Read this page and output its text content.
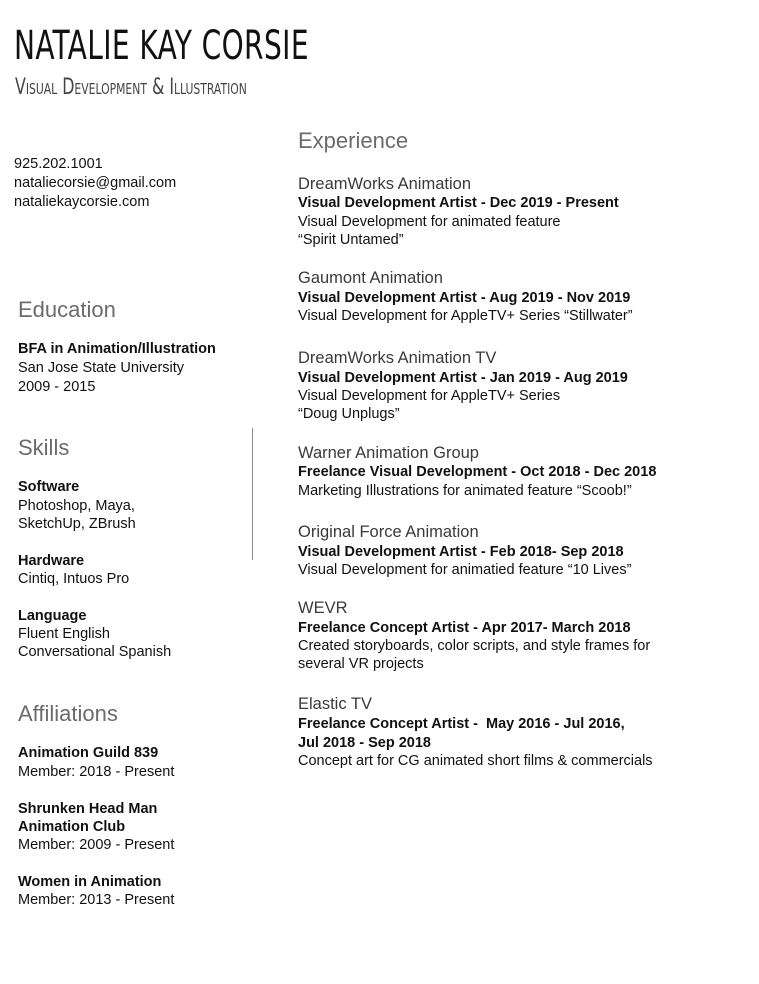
NATALIE KAY CORSIE
Visual Development & Illustration
925.202.1001
nataliecorsie@gmail.com
nataliekaycorsie.com
Education
BFA in Animation/Illustration
San Jose State University
2009 - 2015
Skills
Software
Photoshop, Maya,
SketchUp, ZBrush
Hardware
Cintiq, Intuos Pro
Language
Fluent English
Conversational Spanish
Affiliations
Animation Guild 839
Member: 2018 - Present
Shrunken Head Man
Animation Club
Member: 2009 - Present
Women in Animation
Member: 2013 - Present
Experience
DreamWorks Animation
Visual Development Artist - Dec 2019 - Present
Visual Development for animated feature
“Spirit Untamed”
Gaumont Animation
Visual Development Artist - Aug 2019 - Nov 2019
Visual Development for AppleTV+ Series “Stillwater”
DreamWorks Animation TV
Visual Development Artist - Jan 2019 - Aug 2019
Visual Development for AppleTV+ Series
“Doug Unplugs”
Warner Animation Group
Freelance Visual Development - Oct 2018 - Dec 2018
Marketing Illustrations for animated feature “Scoob!”
Original Force Animation
Visual Development Artist - Feb 2018- Sep 2018
Visual Development for animatied feature “10 Lives”
WEVR
Freelance Concept Artist - Apr 2017- March 2018
Created storyboards, color scripts, and style frames for
several VR projects
Elastic TV
Freelance Concept Artist -  May 2016 - Jul 2016,
Jul 2018 - Sep 2018
Concept art for CG animated short films & commercials
